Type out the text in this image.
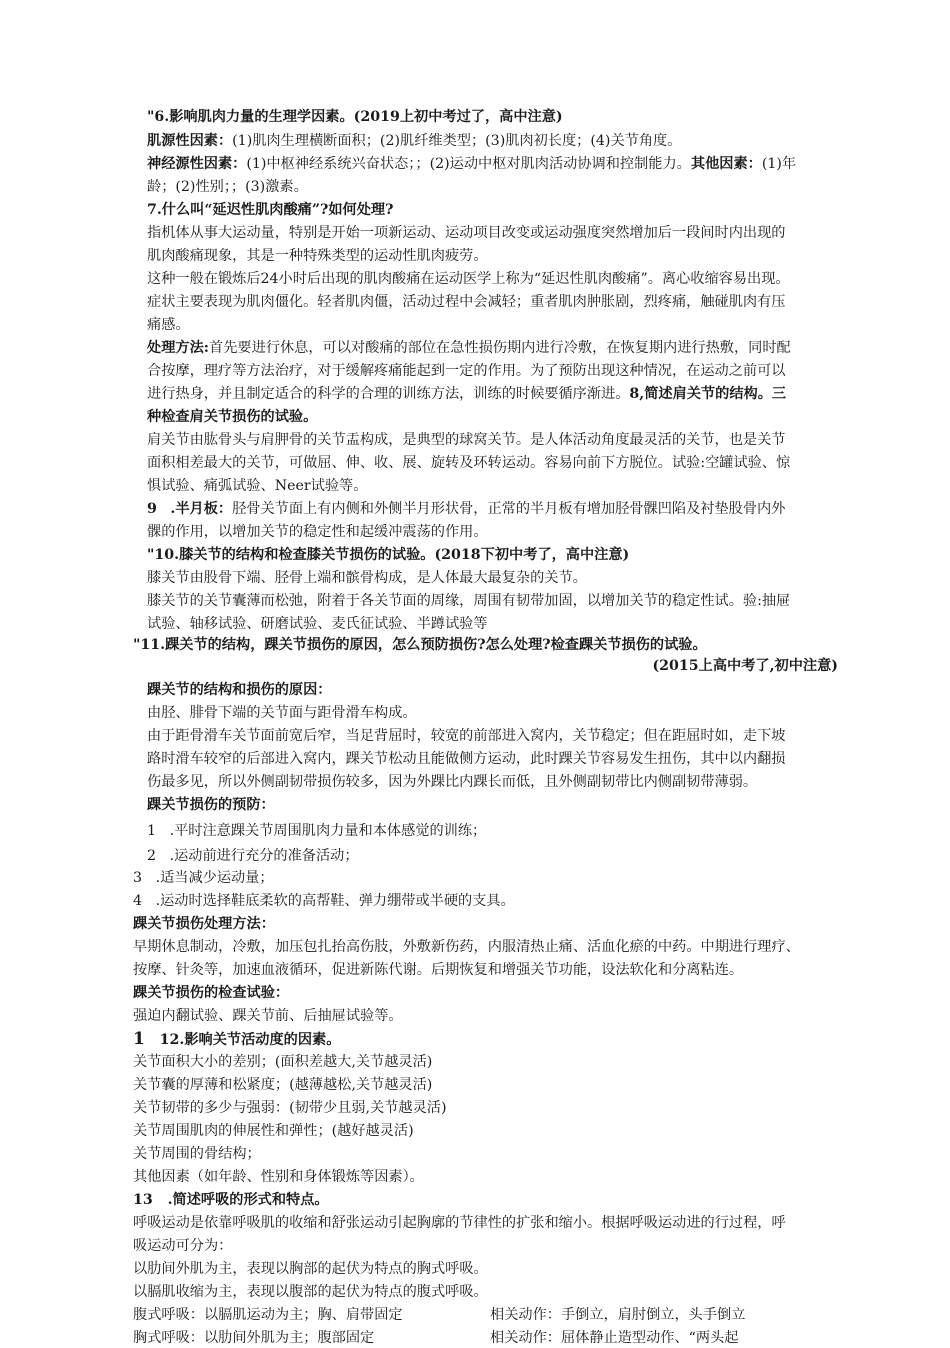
"6.影响肌肉力量的生理学因素。(2019上初中考过了，高中注意)
肌源性因素：(1)肌肉生理横断面积；(2)肌纤维类型；(3)肌肉初长度；(4)关节角度。
神经源性因素：(1)中枢神经系统兴奋状态；；(2)运动中枢对肌肉活动协调和控制能力。其他因素：(1)年
龄；(2)性别；；(3)激素。
7.什么叫“延迟性肌肉酸痛”?如何处理?
指机体从事大运动量，特别是开始一项新运动、运动项目改变或运动强度突然增加后一段间时内出现的
肌肉酸痛现象，其是一种特殊类型的运动性肌肉疲劳。
这种一般在锻炼后24小时后出现的肌肉酸痛在运动医学上称为“延迟性肌肉酸痛”。离心收缩容易出现。
症状主要表现为肌肉僵化。轻者肌肉僵，活动过程中会减轻；重者肌肉肿胀剧，烈疼痛，触碰肌肉有压
痛感。
处理方法:首先要进行休息，可以对酸痛的部位在急性损伤期内进行冷敷，在恢复期内进行热敷，同时配
合按摩，理疗等方法治疗，对于缓解疼痛能起到一定的作用。为了预防出现这种情况，在运动之前可以
进行热身，并且制定适合的科学的合理的训练方法，训练的时候要循序渐进。8,简述肩关节的结构。三
种检查肩关节损伤的试验。
肩关节由肱骨头与肩胛骨的关节盂构成，是典型的球窝关节。是人体活动角度最灵活的关节，也是关节
面积相差最大的关节，可做屈、伸、收、展、旋转及环转运动。容易向前下方脱位。试验:空罐试验、惊
惧试验、痛弧试验、Neer试验等。
9 .半月板：胫骨关节面上有内侧和外侧半月形状骨，正常的半月板有增加胫骨髁凹陷及衬垫股骨内外
髁的作用，以增加关节的稳定性和起缓冲震荡的作用。
"10.膝关节的结构和检查膝关节损伤的试验。(2018下初中考了，高中注意)
膝关节由股骨下端、胫骨上端和髌骨构成，是人体最大最复杂的关节。
膝关节的关节囊薄而松弛，附着于各关节面的周缘，周围有韧带加固，以增加关节的稳定性试。验:抽屉
试验、轴移试验、研磨试验、麦氏征试验、半蹲试验等
"11.踝关节的结构，踝关节损伤的原因，怎么预防损伤?怎么处理?检查踝关节损伤的试验。
(2015上高中考了,初中注意)
踝关节的结构和损伤的原因：
由胫、腓骨下端的关节面与距骨滑车构成。
由于距骨滑车关节面前宽后窄，当足背屈时，较宽的前部进入窝内，关节稳定；但在距屈时如，走下坡
路时滑车较窄的后部进入窝内，踝关节松动且能做侧方运动，此时踝关节容易发生扭伤，其中以内翻损
伤最多见，所以外侧副韧带损伤较多，因为外踝比内踝长而低，且外侧副韧带比内侧副韧带薄弱。
踝关节损伤的预防：
1 .平时注意踝关节周围肌肉力量和本体感觉的训练；
2 .运动前进行充分的准备活动；
3 .适当减少运动量；
4 .运动时选择鞋底柔软的高帮鞋、弹力绷带或半硬的支具。
踝关节损伤处理方法：
早期休息制动，冷敷，加压包扎抬高伤肢，外敷新伤药，内服清热止痛、活血化瘀的中药。中期进行理疗、
按摩、针灸等，加速血液循环，促进新陈代谢。后期恢复和增强关节功能，设法软化和分离粘连。
踝关节损伤的检查试验：
强迫内翻试验、踝关节前、后抽屉试验等。
1 12.影响关节活动度的因素。
关节面积大小的差别；(面积差越大,关节越灵活)
关节囊的厚薄和松紧度；(越薄越松,关节越灵活)
关节韧带的多少与强弱：(韧带少且弱,关节越灵活)
关节周围肌肉的伸展性和弹性；(越好越灵活)
关节周围的骨结构；
其他因素（如年龄、性别和身体锻炼等因素）。
13 .简述呼吸的形式和特点。
呼吸运动是依靠呼吸肌的收缩和舒张运动引起胸廓的节律性的扩张和缩小。根据呼吸运动进的行过程，呼
吸运动可分为：
以肋间外肌为主，表现以胸部的起伏为特点的胸式呼吸。
以膈肌收缩为主，表现以腹部的起伏为特点的腹式呼吸。
腹式呼吸：以膈肌运动为主；胸、肩带固定	相关动作：手倒立，肩肘倒立，头手倒立
胸式呼吸：以肋间外肌为主；腹部固定	相关动作：屈体静止造型动作、“两头起
